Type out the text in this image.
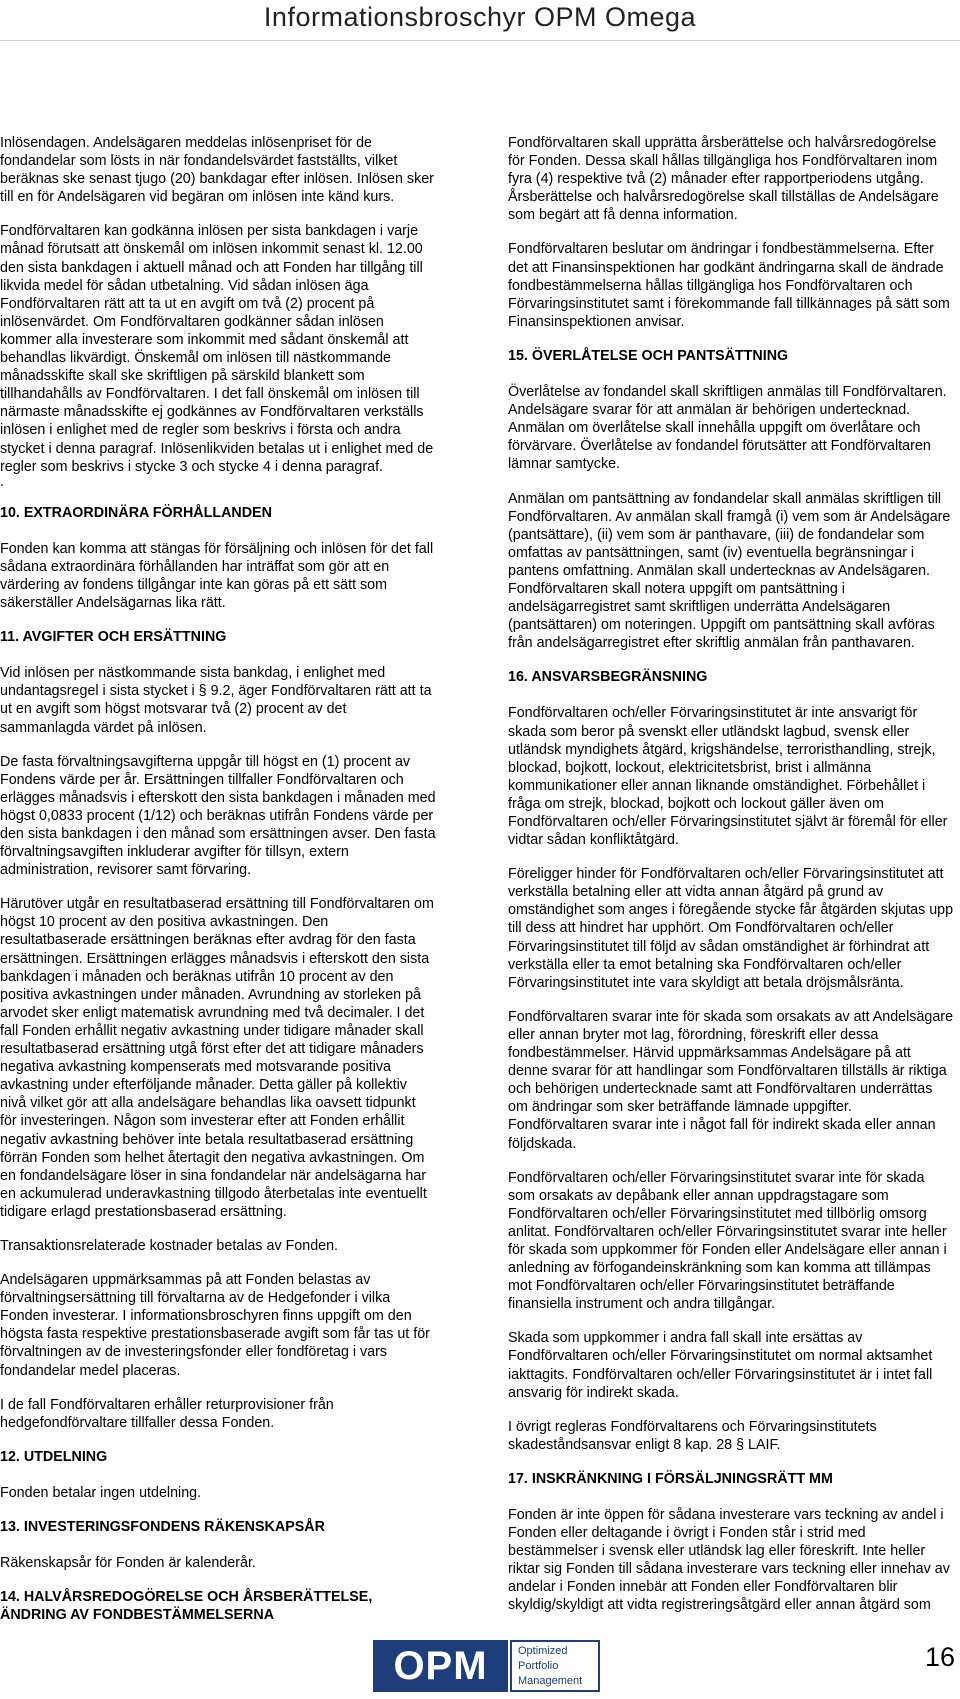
Informationsbroschyr OPM Omega

Inlösendagen. Andelsägaren meddelas inlösenpriset för de fondandelar som lösts in när fondandelsvärdet fastställts, vilket beräknas ske senast tjugo (20) bankdagar efter inlösen. Inlösen sker till en för Andelsägaren vid begäran om inlösen inte känd kurs.

Fondförvaltaren kan godkänna inlösen per sista bankdagen i varje månad förutsatt att önskemål om inlösen inkommit senast kl. 12.00 den sista bankdagen i aktuell månad och att Fonden har tillgång till likvida medel för sådan utbetalning. Vid sådan inlösen äga Fondförvaltaren rätt att ta ut en avgift om två (2) procent på inlösenvärdet. Om Fondförvaltaren godkänner sådan inlösen kommer alla investerare som inkommit med sådant önskemål att behandlas likvärdigt. Önskemål om inlösen till nästkommande månadsskifte skall ske skriftligen på särskild blankett som tillhandahålls av Fondförvaltaren. I det fall önskemål om inlösen till närmaste månadsskifte ej godkännes av Fondförvaltaren verkställs inlösen i enlighet med de regler som beskrivs i första och andra stycket i denna paragraf. Inlösenlikviden betalas ut i enlighet med de regler som beskrivs i stycke 3 och stycke 4 i denna paragraf.

.

10. EXTRAORDINÄRA FÖRHÅLLANDEN

Fonden kan komma att stängas för försäljning och inlösen för det fall sådana extraordinära förhållanden har inträffat som gör att en värdering av fondens tillgångar inte kan göras på ett sätt som säkerställer Andelsägarnas lika rätt.

11. AVGIFTER OCH ERSÄTTNING

Vid inlösen per nästkommande sista bankdag, i enlighet med undantagsregel i sista stycket i § 9.2, äger Fondförvaltaren rätt att ta ut en avgift som högst motsvarar två (2) procent av det sammanlagda värdet på inlösen.

De fasta förvaltningsavgifterna uppgår till högst en (1) procent av Fondens värde per år. Ersättningen tillfaller Fondförvaltaren och erlägges månadsvis i efterskott den sista bankdagen i månaden med högst 0,0833 procent (1/12) och beräknas utifrån Fondens värde per den sista bankdagen i den månad som ersättningen avser. Den fasta förvaltningsavgiften inkluderar avgifter för tillsyn, extern administration, revisorer samt förvaring.

Härutöver utgår en resultatbaserad ersättning till Fondförvaltaren om högst 10 procent av den positiva avkastningen. Den resultatbaserade ersättningen beräknas efter avdrag för den fasta ersättningen. Ersättningen erlägges månadsvis i efterskott den sista bankdagen i månaden och beräknas utifrån 10 procent av den positiva avkastningen under månaden. Avrundning av storleken på arvodet sker enligt matematisk avrundning med två decimaler. I det fall Fonden erhållit negativ avkastning under tidigare månader skall resultatbaserad ersättning utgå först efter det att tidigare månaders negativa avkastning kompenserats med motsvarande positiva avkastning under efterföljande månader. Detta gäller på kollektiv nivå vilket gör att alla andelsägare behandlas lika oavsett tidpunkt för investeringen. Någon som investerar efter att Fonden erhållit negativ avkastning behöver inte betala resultatbaserad ersättning förrän Fonden som helhet återtagit den negativa avkastningen. Om en fondandelsägare löser in sina fondandelar när andelsägarna har en ackumulerad underavkastning tillgodo återbetalas inte eventuellt tidigare erlagd prestationsbaserad ersättning.

Transaktionsrelaterade kostnader betalas av Fonden.

Andelsägaren uppmärksammas på att Fonden belastas av förvaltningsersättning till förvaltarna av de Hedgefonder i vilka Fonden investerar. I informationsbroschyren finns uppgift om den högsta fasta respektive prestationsbaserade avgift som får tas ut för förvaltningen av de investeringsfonder eller fondföretag i vars fondandelar medel placeras.

I de fall Fondförvaltaren erhåller returprovisioner från hedgefondförvaltare tillfaller dessa Fonden.

12. UTDELNING

Fonden betalar ingen utdelning.

13. INVESTERINGSFONDENS RÄKENSKAPSÅR

Räkenskapsår för Fonden är kalenderår.

14. HALVÅRSREDOGÖRELSE OCH ÅRSBERÄTTELSE, ÄNDRING AV FONDBESTÄMMELSERNA

Fondförvaltaren skall upprätta årsberättelse och halvårsredogörelse för Fonden. Dessa skall hållas tillgängliga hos Fondförvaltaren inom fyra (4) respektive två (2) månader efter rapportperiodens utgång. Årsberättelse och halvårsredogörelse skall tillställas de Andelsägare som begärt att få denna information.

Fondförvaltaren beslutar om ändringar i fondbestämmelserna. Efter det att Finansinspektionen har godkänt ändringarna skall de ändrade fondbestämmelserna hållas tillgängliga hos Fondförvaltaren och Förvaringsinstitutet samt i förekommande fall tillkännages på sätt som Finansinspektionen anvisar.

15. ÖVERLÅTELSE OCH PANTSÄTTNING

Överlåtelse av fondandel skall skriftligen anmälas till Fondförvaltaren. Andelsägare svarar för att anmälan är behörigen undertecknad. Anmälan om överlåtelse skall innehålla uppgift om överlåtare och förvärvare. Överlåtelse av fondandel förutsätter att Fondförvaltaren lämnar samtycke.

Anmälan om pantsättning av fondandelar skall anmälas skriftligen till Fondförvaltaren. Av anmälan skall framgå (i) vem som är Andelsägare (pantsättare), (ii) vem som är panthavare, (iii) de fondandelar som omfattas av pantsättningen, samt (iv) eventuella begränsningar i pantens omfattning. Anmälan skall undertecknas av Andelsägaren. Fondförvaltaren skall notera uppgift om pantsättning i andelsägarregistret samt skriftligen underrätta Andelsägaren (pantsättaren) om noteringen. Uppgift om pantsättning skall avföras från andelsägarregistret efter skriftlig anmälan från panthavaren.

16. ANSVARSBEGRÄNSNING

Fondförvaltaren och/eller Förvaringsinstitutet är inte ansvarigt för skada som beror på svenskt eller utländskt lagbud, svensk eller utländsk myndighets åtgärd, krigshändelse, terroristhandling, strejk, blockad, bojkott, lockout, elektricitetsbrist, brist i allmänna kommunikationer eller annan liknande omständighet. Förbehållet i fråga om strejk, blockad, bojkott och lockout gäller även om Fondförvaltaren och/eller Förvaringsinstitutet självt är föremål för eller vidtar sådan konfliktåtgärd.

Föreligger hinder för Fondförvaltaren och/eller Förvaringsinstitutet att verkställa betalning eller att vidta annan åtgärd på grund av omständighet som anges i föregående stycke får åtgärden skjutas upp till dess att hindret har upphört. Om Fondförvaltaren och/eller Förvaringsinstitutet till följd av sådan omständighet är förhindrat att verkställa eller ta emot betalning ska Fondförvaltaren och/eller Förvaringsinstitutet inte vara skyldigt att betala dröjsmålsränta.

Fondförvaltaren svarar inte för skada som orsakats av att Andelsägare eller annan bryter mot lag, förordning, föreskrift eller dessa fondbestämmelser. Härvid uppmärksammas Andelsägare på att denne svarar för att handlingar som Fondförvaltaren tillställs är riktiga och behörigen undertecknade samt att Fondförvaltaren underrättas om ändringar som sker beträffande lämnade uppgifter. Fondförvaltaren svarar inte i något fall för indirekt skada eller annan följdskada.

Fondförvaltaren och/eller Förvaringsinstitutet svarar inte för skada som orsakats av depåbank eller annan uppdragstagare som Fondförvaltaren och/eller Förvaringsinstitutet med tillbörlig omsorg anlitat. Fondförvaltaren och/eller Förvaringsinstitutet svarar inte heller för skada som uppkommer för Fonden eller Andelsägare eller annan i anledning av förfogandeinskränkning som kan komma att tillämpas mot Fondförvaltaren och/eller Förvaringsinstitutet beträffande finansiella instrument och andra tillgångar.

Skada som uppkommer i andra fall skall inte ersättas av Fondförvaltaren och/eller Förvaringsinstitutet om normal aktsamhet iakttagits. Fondförvaltaren och/eller Förvaringsinstitutet är i intet fall ansvarig för indirekt skada.

I övrigt regleras Fondförvaltarens och Förvaringsinstitutets skadeståndsansvar enligt 8 kap. 28 § LAIF.

17. INSKRÄNKNING I FÖRSÄLJNINGSRÄTT MM

Fonden är inte öppen för sådana investerare vars teckning av andel i Fonden eller deltagande i övrigt i Fonden står i strid med bestämmelser i svensk eller utländsk lag eller föreskrift. Inte heller riktar sig Fonden till sådana investerare vars teckning eller innehav av andelar i Fonden innebär att Fonden eller Fondförvaltaren blir skyldig/skyldigt att vidta registreringsåtgärd eller annan åtgärd som

OPM	Optimized
Portfolio
Management
16
